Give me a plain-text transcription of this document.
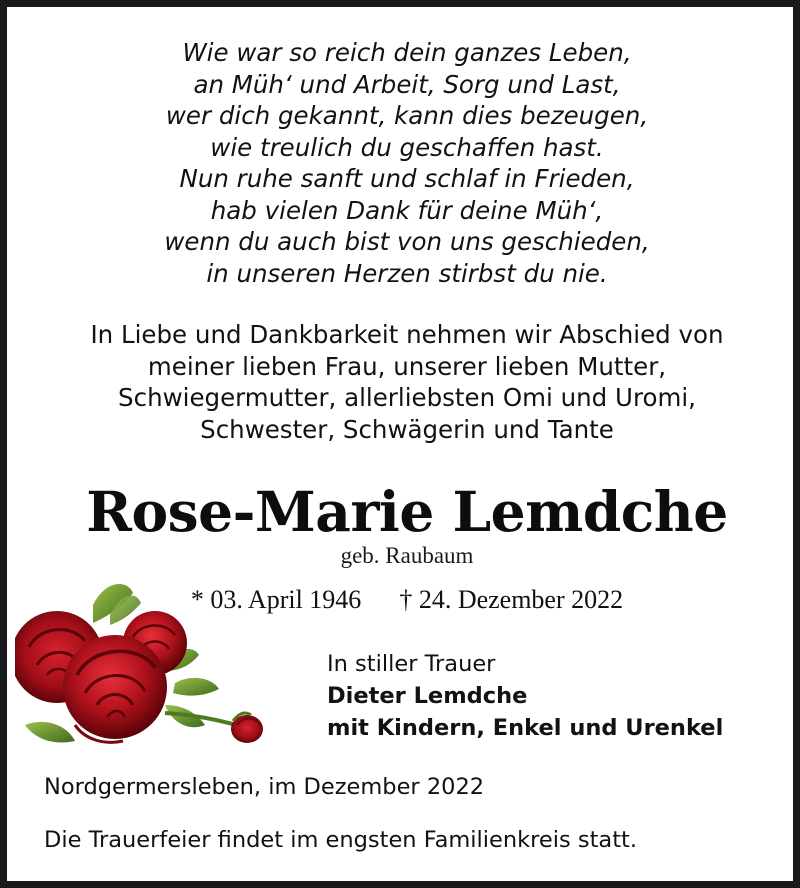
Wie war so reich dein ganzes Leben,
an Müh‘ und Arbeit, Sorg und Last,
wer dich gekannt, kann dies bezeugen,
wie treulich du geschaffen hast.
Nun ruhe sanft und schlaf in Frieden,
hab vielen Dank für deine Müh‘,
wenn du auch bist von uns geschieden,
in unseren Herzen stirbst du nie.
In Liebe und Dankbarkeit nehmen wir Abschied von
meiner lieben Frau, unserer lieben Mutter,
Schwiegermutter, allerliebsten Omi und Uromi,
Schwester, Schwägerin und Tante
Rose-Marie Lemdche
geb. Raubaum
* 03. April 1946 † 24. Dezember 2022
In stiller Trauer
Dieter Lemdche
mit Kindern, Enkel und Urenkel
Nordgermersleben, im Dezember 2022
Die Trauerfeier findet im engsten Familienkreis statt.
